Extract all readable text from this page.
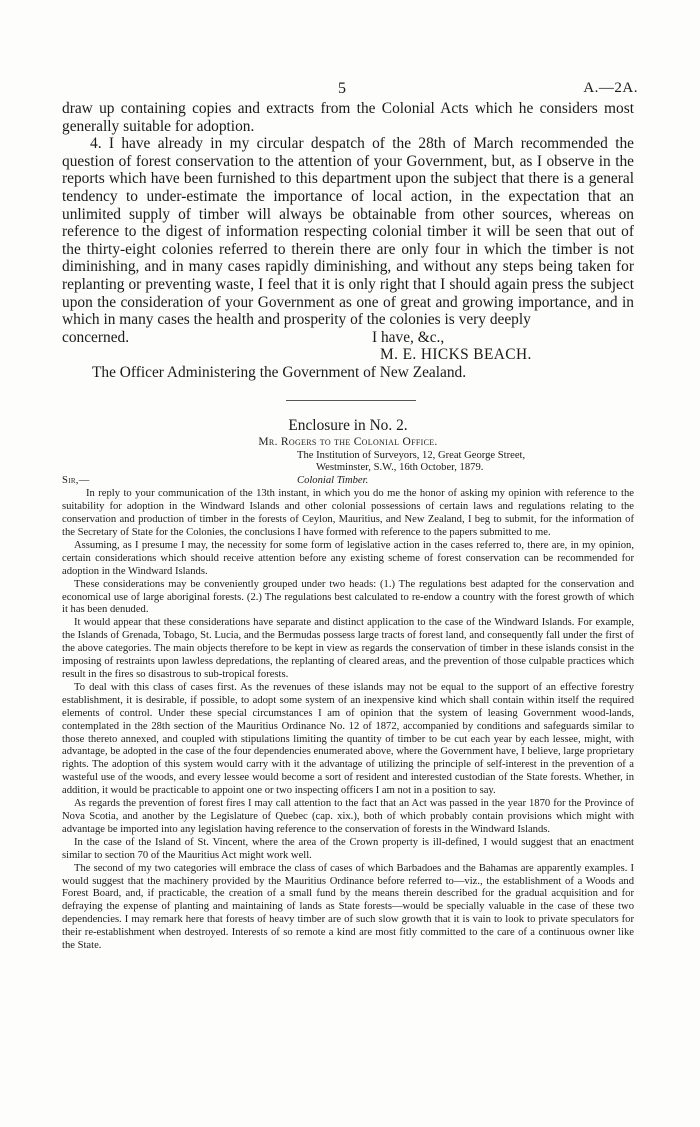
5	A.—2A.

draw up containing copies and extracts from the Colonial Acts which he considers most generally suitable for adoption.

4. I have already in my circular despatch of the 28th of March recommended the question of forest conservation to the attention of your Government, but, as I observe in the reports which have been furnished to this department upon the subject that there is a general tendency to under-estimate the importance of local action, in the expectation that an unlimited supply of timber will always be obtainable from other sources, whereas on reference to the digest of information respecting colonial timber it will be seen that out of the thirty-eight colonies referred to therein there are only four in which the timber is not diminishing, and in many cases rapidly diminishing, and without any steps being taken for replanting or preventing waste, I feel that it is only right that I should again press the subject upon the consideration of your Government as one of great and growing importance, and in which in many cases the health and prosperity of the colonies is very deeply

concerned.	I have, &c.,
M. E. HICKS BEACH.
The Officer Administering the Government of New Zealand.
Enclosure in No. 2.
Mr. Rogers to the Colonial Office.
The Institution of Surveyors, 12, Great George Street,
Westminster, S.W., 16th October, 1879.
Sir,—	Colonial Timber.

In reply to your communication of the 13th instant, in which you do me the honor of asking my opinion with reference to the suitability for adoption in the Windward Islands and other colonial possessions of certain laws and regulations relating to the conservation and production of timber in the forests of Ceylon, Mauritius, and New Zealand, I beg to submit, for the information of the Secretary of State for the Colonies, the conclusions I have formed with reference to the papers submitted to me.

Assuming, as I presume I may, the necessity for some form of legislative action in the cases referred to, there are, in my opinion, certain considerations which should receive attention before any existing scheme of forest conservation can be recommended for adoption in the Windward Islands.

These considerations may be conveniently grouped under two heads: (1.) The regulations best adapted for the conservation and economical use of large aboriginal forests. (2.) The regulations best calculated to re-endow a country with the forest growth of which it has been denuded.

It would appear that these considerations have separate and distinct application to the case of the Windward Islands. For example, the Islands of Grenada, Tobago, St. Lucia, and the Bermudas possess large tracts of forest land, and consequently fall under the first of the above categories. The main objects therefore to be kept in view as regards the conservation of timber in these islands consist in the imposing of restraints upon lawless depredations, the replanting of cleared areas, and the prevention of those culpable practices which result in the fires so disastrous to sub-tropical forests.

To deal with this class of cases first. As the revenues of these islands may not be equal to the support of an effective forestry establishment, it is desirable, if possible, to adopt some system of an inexpensive kind which shall contain within itself the required elements of control. Under these special circumstances I am of opinion that the system of leasing Government wood-lands, contemplated in the 28th section of the Mauritius Ordinance No. 12 of 1872, accompanied by conditions and safeguards similar to those thereto annexed, and coupled with stipulations limiting the quantity of timber to be cut each year by each lessee, might, with advantage, be adopted in the case of the four dependencies enumerated above, where the Government have, I believe, large proprietary rights. The adoption of this system would carry with it the advantage of utilizing the principle of self-interest in the prevention of a wasteful use of the woods, and every lessee would become a sort of resident and interested custodian of the State forests. Whether, in addition, it would be practicable to appoint one or two inspecting officers I am not in a position to say.

As regards the prevention of forest fires I may call attention to the fact that an Act was passed in the year 1870 for the Province of Nova Scotia, and another by the Legislature of Quebec (cap. xix.), both of which probably contain provisions which might with advantage be imported into any legislation having reference to the conservation of forests in the Windward Islands.

In the case of the Island of St. Vincent, where the area of the Crown property is ill-defined, I would suggest that an enactment similar to section 70 of the Mauritius Act might work well.

The second of my two categories will embrace the class of cases of which Barbadoes and the Bahamas are apparently examples. I would suggest that the machinery provided by the Mauritius Ordinance before referred to—viz., the establishment of a Woods and Forest Board, and, if practicable, the creation of a small fund by the means therein described for the gradual acquisition and for defraying the expense of planting and maintaining of lands as State forests—would be specially valuable in the case of these two dependencies. I may remark here that forests of heavy timber are of such slow growth that it is vain to look to private speculators for their re-establishment when destroyed. Interests of so remote a kind are most fitly committed to the care of a continuous owner like the State.
